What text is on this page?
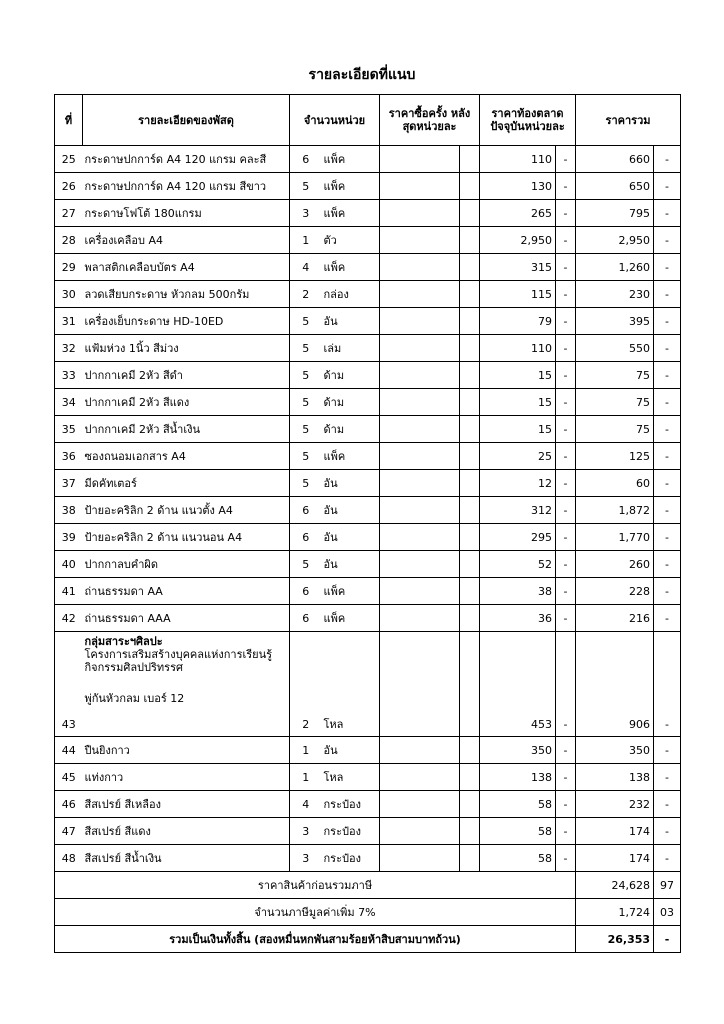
รายละเอียดที่แนบ
ที่	รายละเอียดของพัสดุ	จำนวนหน่วย		ราคาซื้อครั้ง หลังสุดหน่วยละ		ราคาท้องตลาด ปัจจุบันหน่วยละ		ราคารวม	
25	กระดาษปกการ์ด A4 120 แกรม คละสี	6	แพ็ค			110	-	660	-
26	กระดาษปกการ์ด A4 120 แกรม สีขาว	5	แพ็ค			130	-	650	-
27	กระดาษโฟโต้ 180แกรม	3	แพ็ค			265	-	795	-
28	เครื่องเคลือบ A4	1	ตัว			2,950	-	2,950	-
29	พลาสติกเคลือบบัตร A4	4	แพ็ค			315	-	1,260	-
30	ลวดเสียบกระดาษ หัวกลม 500กรัม	2	กล่อง			115	-	230	-
31	เครื่องเย็บกระดาษ HD-10ED	5	อัน			79	-	395	-
32	แฟ้มห่วง 1นิ้ว สีม่วง	5	เล่ม			110	-	550	-
33	ปากกาเคมี 2หัว สีดำ	5	ด้าม			15	-	75	-
34	ปากกาเคมี 2หัว สีแดง	5	ด้าม			15	-	75	-
35	ปากกาเคมี 2หัว สีน้ำเงิน	5	ด้าม			15	-	75	-
36	ซองถนอมเอกสาร A4	5	แพ็ค			25	-	125	-
37	มีดคัทเตอร์	5	อัน			12	-	60	-
38	ป้ายอะคริลิก 2 ด้าน แนวตั้ง A4	6	อัน			312	-	1,872	-
39	ป้ายอะคริลิก 2 ด้าน แนวนอน A4	6	อัน			295	-	1,770	-
40	ปากกาลบคำผิด	5	อัน			52	-	260	-
41	ถ่านธรรมดา AA	6	แพ็ค			38	-	228	-
42	ถ่านธรรมดา AAA	6	แพ็ค			36	-	216	-
43	กลุ่มสาระฯศิลปะ
โครงการเสริมสร้างบุคคลแห่งการเรียนรู้
กิจกรรมศิลปปริทรรศ
พู่กันหัวกลม เบอร์ 12	2	โหล			453	-	906	-
44	ปืนยิงกาว	1	อัน			350	-	350	-
45	แท่งกาว	1	โหล			138	-	138	-
46	สีสเปรย์ สีเหลือง	4	กระป๋อง			58	-	232	-
47	สีสเปรย์ สีแดง	3	กระป๋อง			58	-	174	-
48	สีสเปรย์ สีน้ำเงิน	3	กระป๋อง			58	-	174	-
ราคาสินค้าก่อนรวมภาษี								24,628	97
จำนวนภาษีมูลค่าเพิ่ม 7%								1,724	03
รวมเป็นเงินทั้งสิ้น (สองหมื่นหกพันสามร้อยห้าสิบสามบาทถ้วน)								26,353	-
